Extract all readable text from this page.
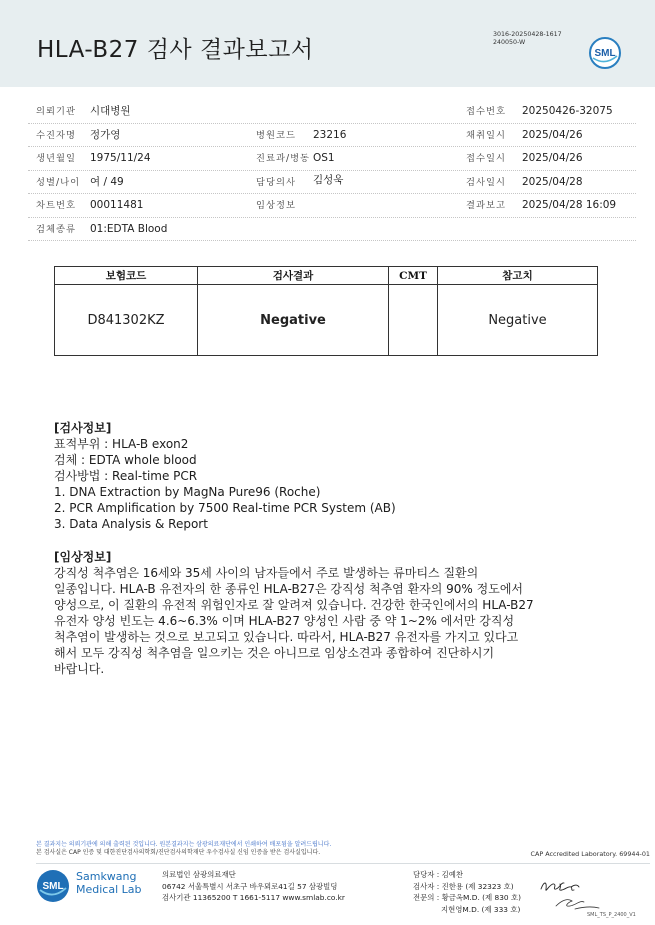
HLA-B27 검사 결과보고서
3016-20250428-1617
240050-W
SML
의뢰기관 시대병원	접수번호 20250426-32075
수진자명 정가영	병원코드 23216	채취일시 2025/04/26
생년월일 1975/11/24	진료과/병동 OS1	접수일시 2025/04/26
성별/나이 여 / 49	담당의사 김성욱	검사일시 2025/04/28
차트번호 00011481	임상정보	결과보고 2025/04/28 16:09
검체종류 01:EDTA Blood
보험코드	검사결과	CMT	참고치
D841302KZ	Negative		Negative
[검사정보]
표적부위 : HLA-B exon2
검체 : EDTA whole blood
검사방법 : Real-time PCR
1. DNA Extraction by MagNa Pure96 (Roche)
2. PCR Amplification by 7500 Real-time PCR System (AB)
3. Data Analysis & Report
[임상정보]
강직성 척추염은 16세와 35세 사이의 남자들에서 주로 발생하는 류마티스 질환의
일종입니다. HLA-B 유전자의 한 종류인 HLA-B27은 강직성 척추염 환자의 90% 정도에서
양성으로, 이 질환의 유전적 위험인자로 잘 알려져 있습니다. 건강한 한국인에서의 HLA-B27
유전자 양성 빈도는 4.6~6.3% 이며 HLA-B27 양성인 사람 중 약 1~2% 에서만 강직성
척추염이 발생하는 것으로 보고되고 있습니다. 따라서, HLA-B27 유전자를 가지고 있다고
해서 모두 강직성 척추염을 일으키는 것은 아니므로 임상소견과 종합하여 진단하시기
바랍니다.
본 결과지는 의뢰기관에 의해 출력된 것입니다. 원본결과지는 삼광의료재단에서 인쇄하여 배포됨을 알려드립니다.
본 검사실은 CAP 인증 및 대한진단검사의학회/진단검사의학재단 우수검사실 신임 인증을 받은 검사실입니다.	CAP Accredited Laboratory. 69944-01
SML
Samkwang
Medical Lab
의료법인 삼광의료재단
06742 서울특별시 서초구 바우뫼로41길 57 삼광빌딩
검사기관 11365200 T 1661-5117 www.smlab.co.kr
담당자 : 김예찬
검사자 : 진한용 (제 32323 호)
전문의 : 황금옥M.D. (제 830 호)
지현영M.D. (제 333 호)
SML_TS_P_2400_V1
